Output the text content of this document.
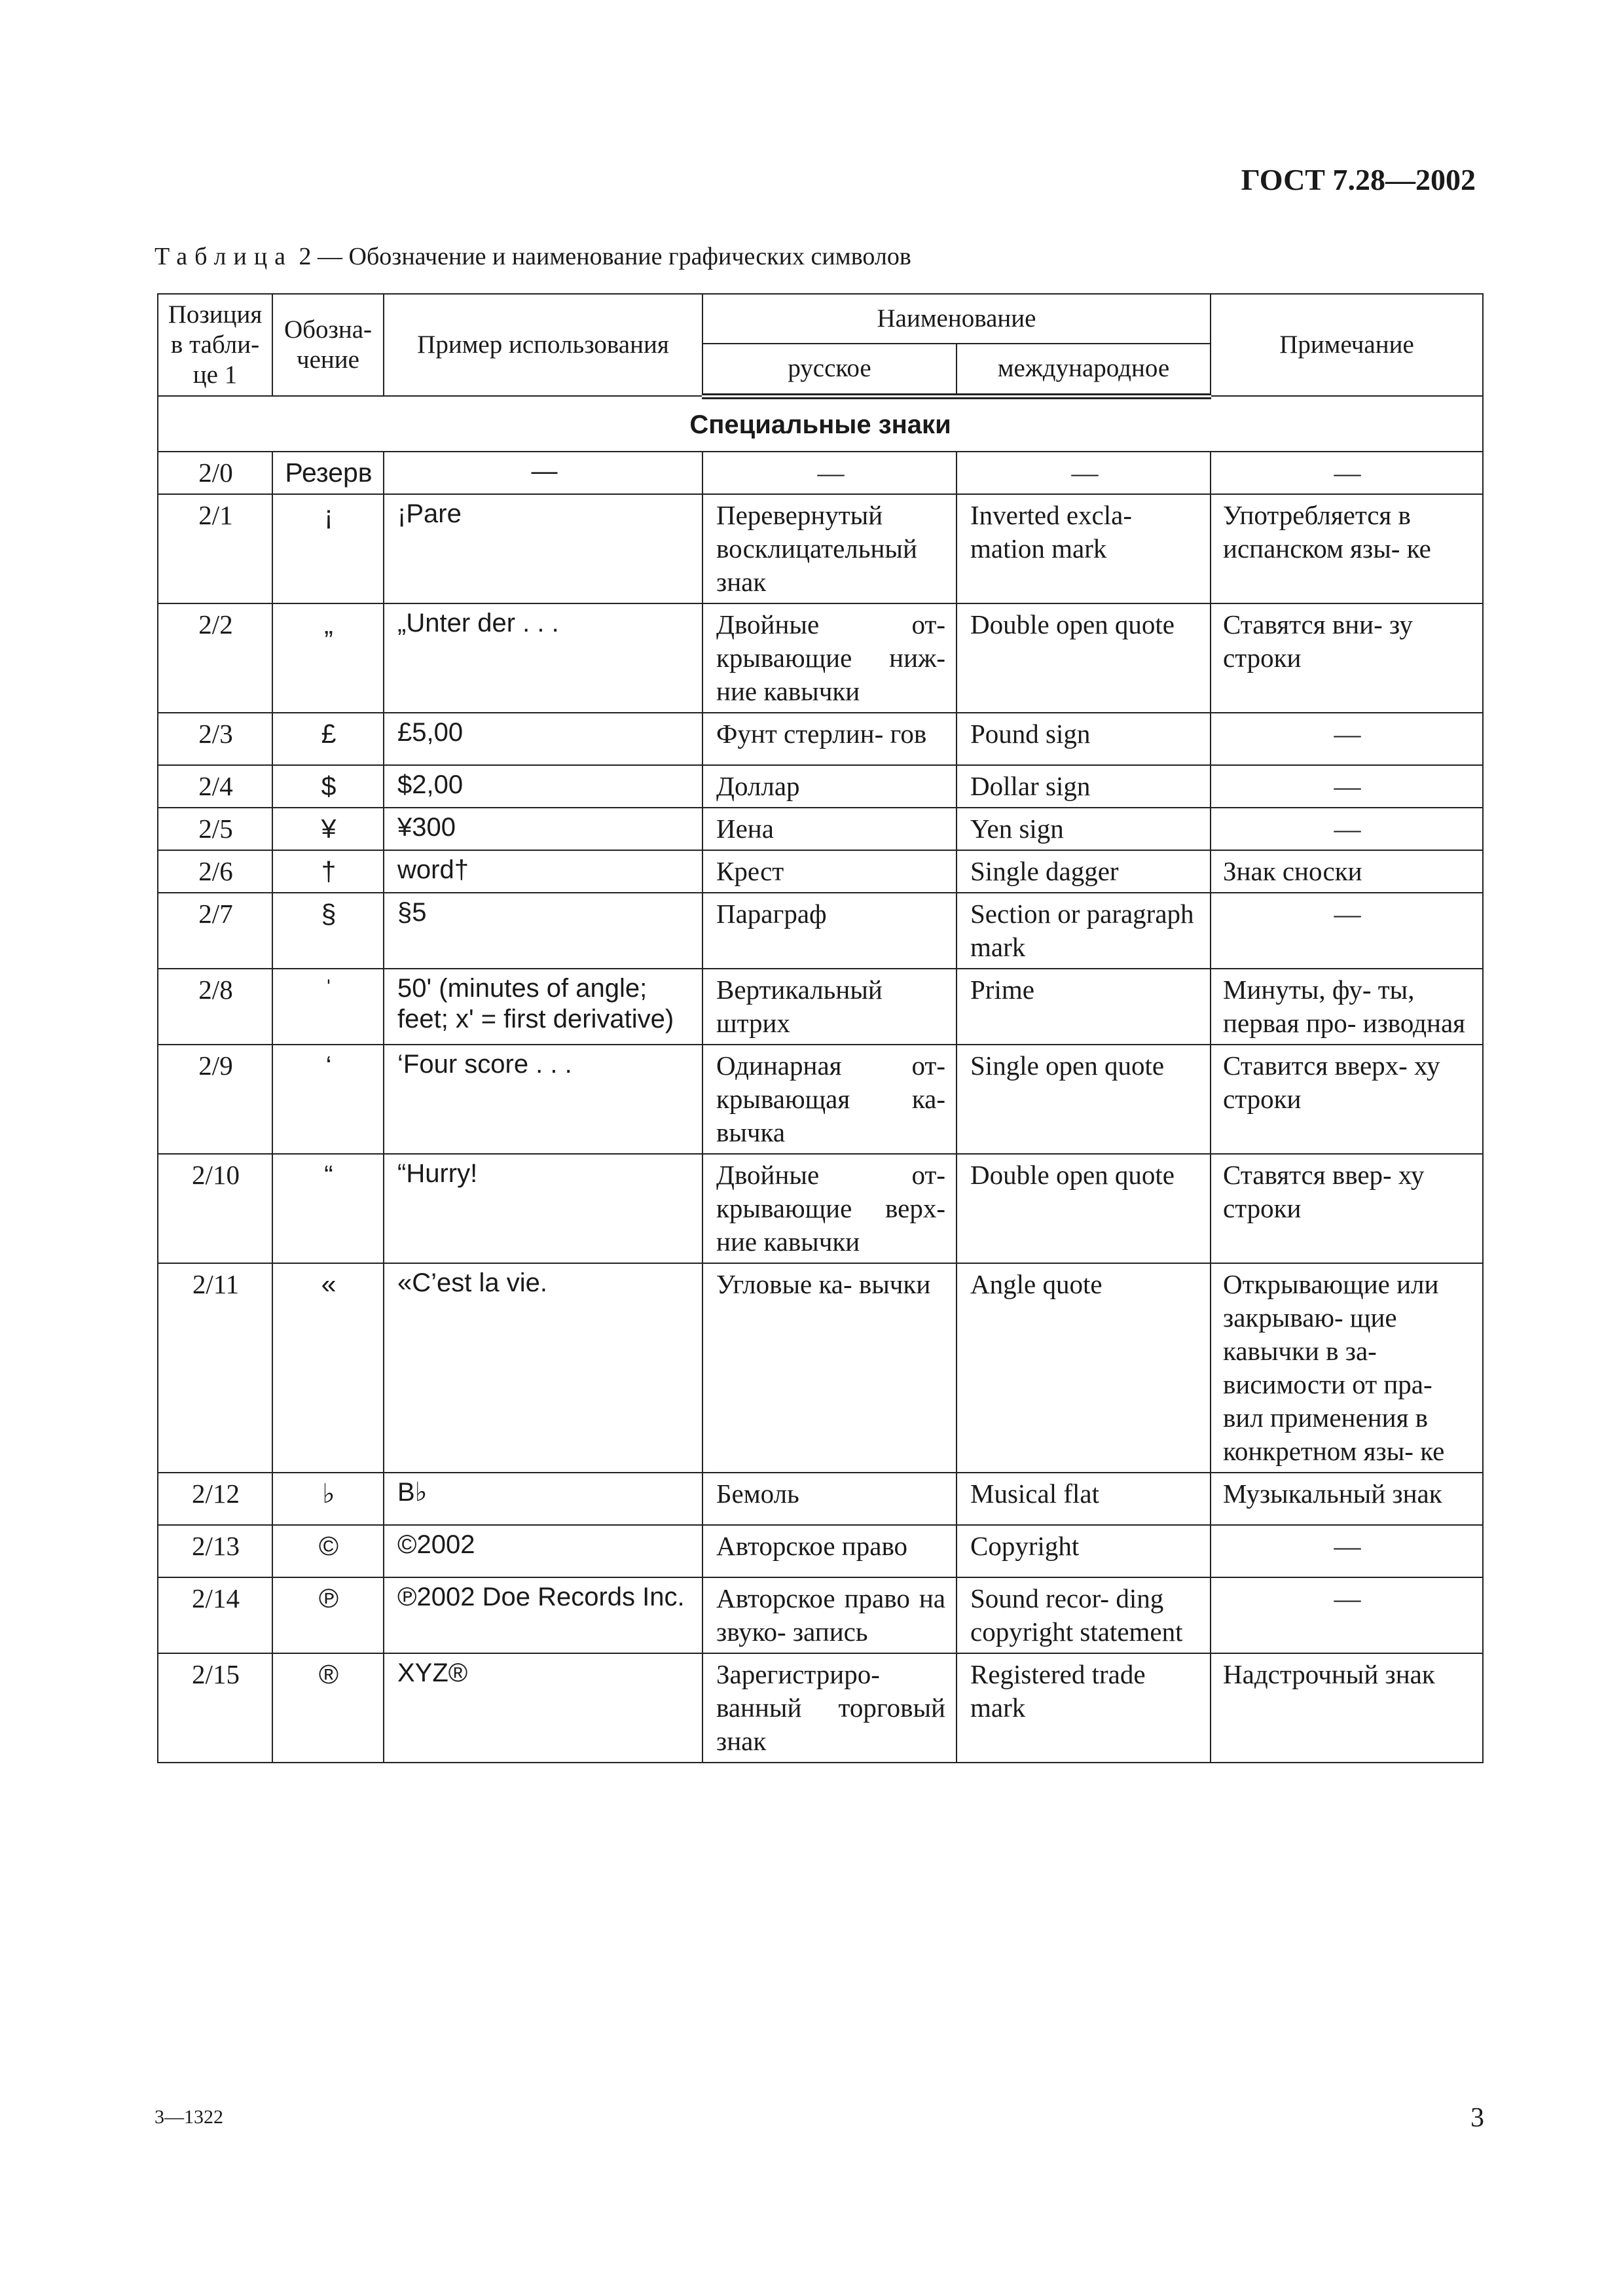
ГОСТ 7.28—2002
Таблица 2 — Обозначение и наименование графических символов
Позиция в табли- це 1	Обозна- чение	Пример использования	Наименование		Примечание
			русское	международное	
Специальные знаки					
2/0	Резерв	—	—	—	—
2/1	¡	¡Pare	Перевернутый восклицательный знак	Inverted excla- mation mark	Употребляется в испанском язы- ке
2/2	„	„Unter der . . .	Двойные от- крывающие ниж- ние кавычки	Double open quote	Ставятся вни- зу строки
2/3	£	£5,00	Фунт стерлин- гов	Pound sign	—
2/4	$	$2,00	Доллар	Dollar sign	—
2/5	¥	¥300	Иена	Yen sign	—
2/6	†	word†	Крест	Single dagger	Знак сноски
2/7	§	§5	Параграф	Section or paragraph mark	—
2/8	ˈ	50' (minutes of angle; feet; x' = first derivative)	Вертикальный штрих	Prime	Минуты, фу- ты, первая про- изводная
2/9	‘	‘Four score . . .	Одинарная от- крывающая ка- вычка	Single open quote	Ставится вверх- ху строки
2/10	“	“Hurry!	Двойные от- крывающие верх- ние кавычки	Double open quote	Ставятся ввер- ху строки
2/11	«	«C’est la vie.	Угловые ка- вычки	Angle quote	Открывающие или закрываю- щие кавычки в за- висимости от пра- вил применения в конкретном язы- ке
2/12	♭	B♭	Бемоль	Musical flat	Музыкальный знак
2/13	©	©2002	Авторское право	Copyright	—
2/14	℗	℗2002 Doe Records Inc.	Авторское право на звуко- запись	Sound recor- ding copyright statement	—
2/15	®	XYZ®	Зарегистриро- ванный торговый знак	Registered trade mark	Надстрочный знак
3—1322	3
